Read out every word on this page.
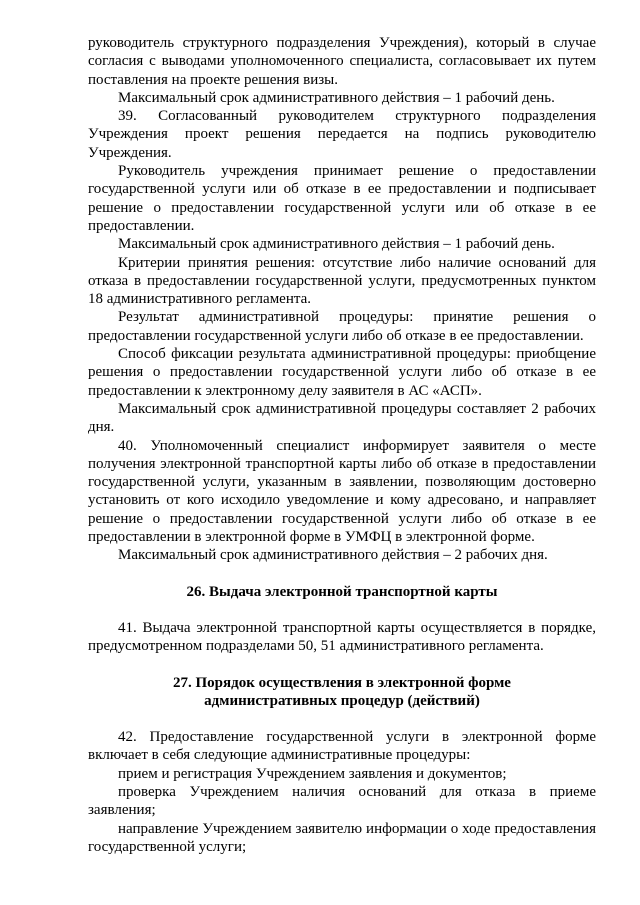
руководитель структурного подразделения Учреждения), который в случае согласия с выводами уполномоченного специалиста, согласовывает их путем поставления на проекте решения визы.

Максимальный срок административного действия – 1 рабочий день.

39. Согласованный руководителем структурного подразделения Учреждения проект решения передается на подпись руководителю Учреждения.

Руководитель учреждения принимает решение о предоставлении государственной услуги или об отказе в ее предоставлении и подписывает решение о предоставлении государственной услуги или об отказе в ее предоставлении.

Максимальный срок административного действия – 1 рабочий день.

Критерии принятия решения: отсутствие либо наличие оснований для отказа в предоставлении государственной услуги, предусмотренных пунктом 18 административного регламента.

Результат административной процедуры: принятие решения о предоставлении государственной услуги либо об отказе в ее предоставлении.

Способ фиксации результата административной процедуры: приобщение решения о предоставлении государственной услуги либо об отказе в ее предоставлении к электронному делу заявителя в АС «АСП».

Максимальный срок административной процедуры составляет 2 рабочих дня.

40. Уполномоченный специалист информирует заявителя о месте получения электронной транспортной карты либо об отказе в предоставлении государственной услуги, указанным в заявлении, позволяющим достоверно установить от кого исходило уведомление и кому адресовано, и направляет решение о предоставлении государственной услуги либо об отказе в ее предоставлении в электронной форме в УМФЦ в электронной форме.

Максимальный срок административного действия – 2 рабочих дня.

26. Выдача электронной транспортной карты

41. Выдача электронной транспортной карты осуществляется в порядке, предусмотренном подразделами 50, 51 административного регламента.

27. Порядок осуществления в электронной форме

административных процедур (действий)

42. Предоставление государственной услуги в электронной форме включает в себя следующие административные процедуры:

прием и регистрация Учреждением заявления и документов;

проверка Учреждением наличия оснований для отказа в приеме заявления;

направление Учреждением заявителю информации о ходе предоставления государственной услуги;
